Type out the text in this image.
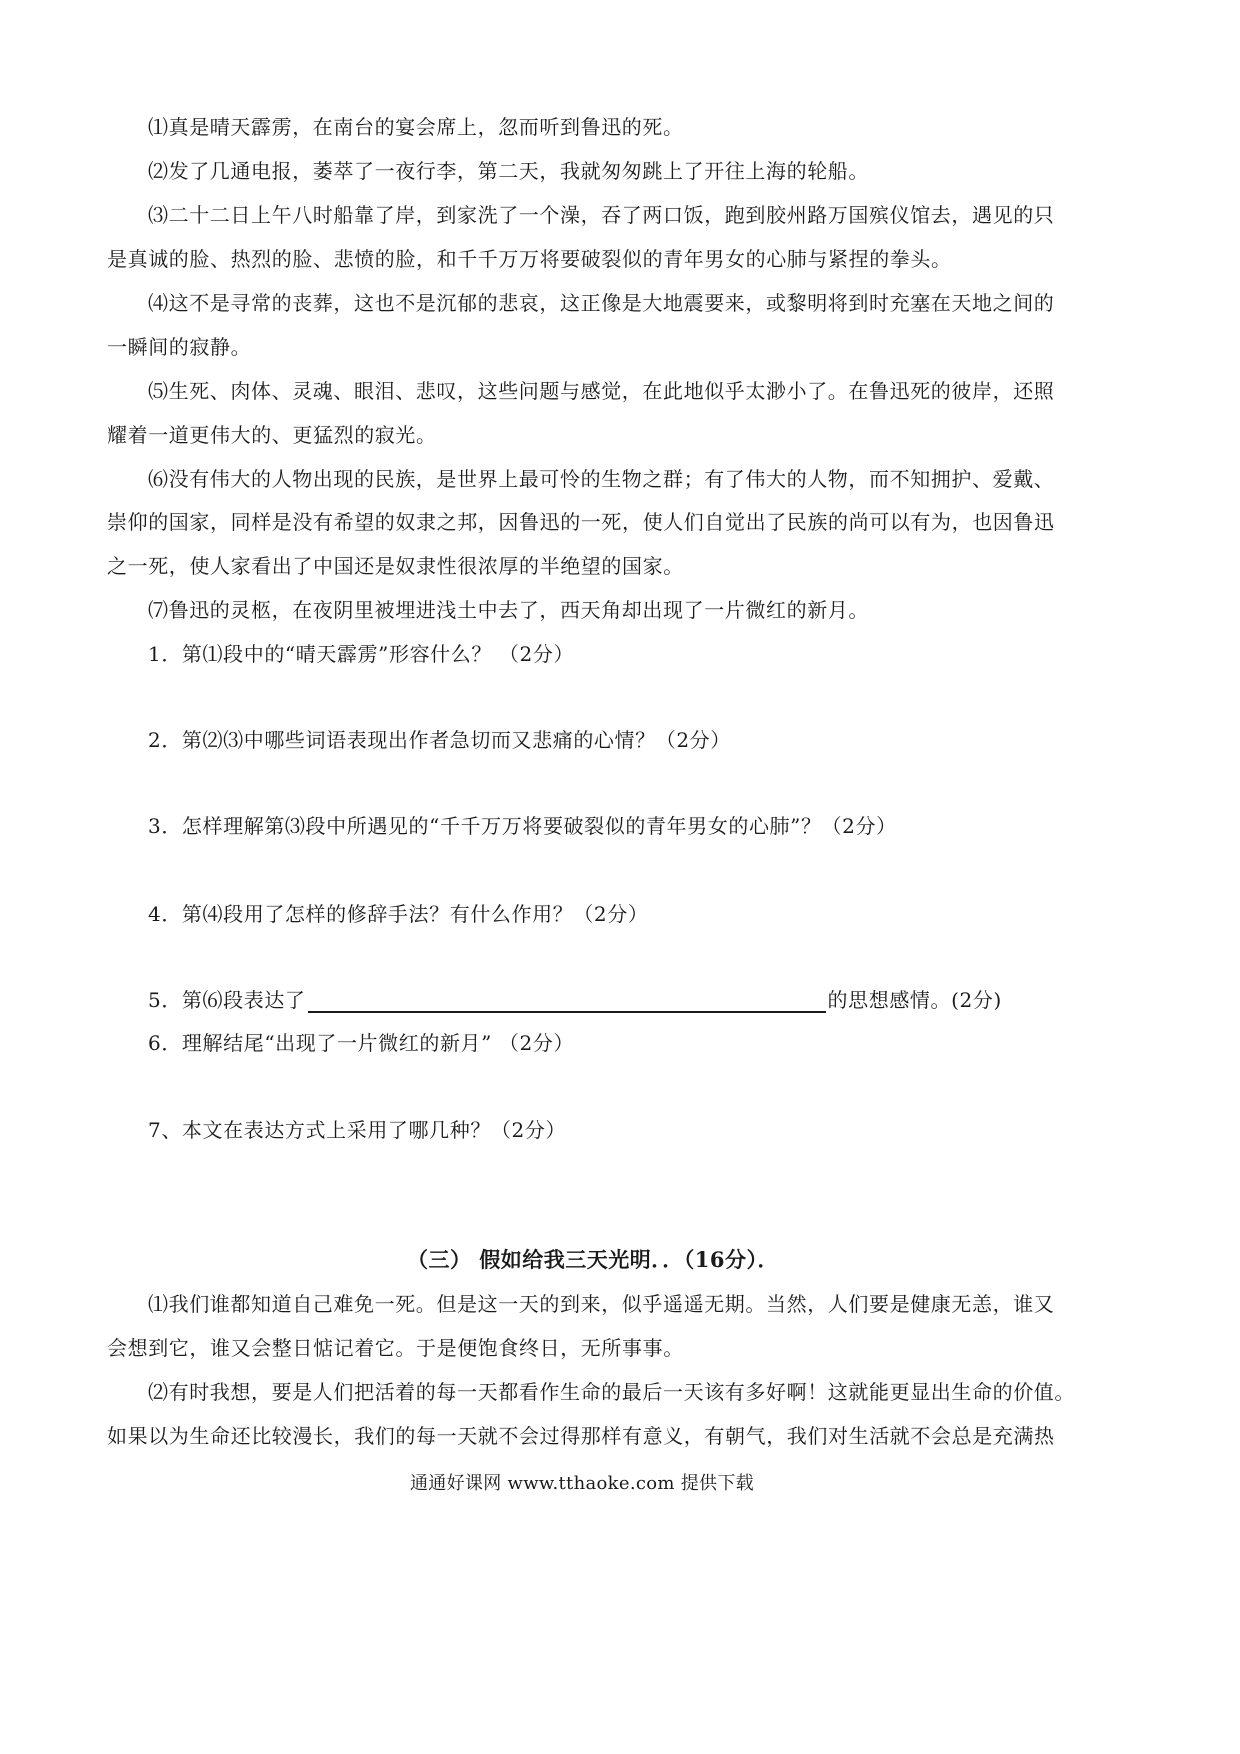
⑴真是晴天霹雳，在南台的宴会席上，忽而听到鲁迅的死。
⑵发了几通电报，萎萃了一夜行李，第二天，我就匆匆跳上了开往上海的轮船。
⑶二十二日上午八时船靠了岸，到家洗了一个澡，吞了两口饭，跑到胶州路万国殡仪馆去，遇见的只
是真诚的脸、热烈的脸、悲愤的脸，和千千万万将要破裂似的青年男女的心肺与紧捏的拳头。
⑷这不是寻常的丧葬，这也不是沉郁的悲哀，这正像是大地震要来，或黎明将到时充塞在天地之间的
一瞬间的寂静。
⑸生死、肉体、灵魂、眼泪、悲叹，这些问题与感觉，在此地似乎太渺小了。在鲁迅死的彼岸，还照
耀着一道更伟大的、更猛烈的寂光。
⑹没有伟大的人物出现的民族，是世界上最可怜的生物之群；有了伟大的人物，而不知拥护、爱戴、
崇仰的国家，同样是没有希望的奴隶之邦，因鲁迅的一死，使人们自觉出了民族的尚可以有为，也因鲁迅
之一死，使人家看出了中国还是奴隶性很浓厚的半绝望的国家。
⑺鲁迅的灵柩，在夜阴里被埋进浅土中去了，西天角却出现了一片微红的新月。
1．第⑴段中的“晴天霹雳”形容什么？ （2分）
2．第⑵⑶中哪些词语表现出作者急切而又悲痛的心情？（2分）
3．怎样理解第⑶段中所遇见的“千千万万将要破裂似的青年男女的心肺”？（2分）
4．第⑷段用了怎样的修辞手法？有什么作用？（2分）
5．第⑹段表达了	的思想感情。(2分)
6．理解结尾“出现了一片微红的新月” （2分）
7、本文在表达方式上采用了哪几种？（2分）
（三） 假如给我三天光明．．（16分）．
⑴我们谁都知道自己难免一死。但是这一天的到来，似乎遥遥无期。当然，人们要是健康无恙，谁又
会想到它，谁又会整日惦记着它。于是便饱食终日，无所事事。
⑵有时我想，要是人们把活着的每一天都看作生命的最后一天该有多好啊！这就能更显出生命的价值。
如果以为生命还比较漫长，我们的每一天就不会过得那样有意义，有朝气，我们对生活就不会总是充满热
通通好课网 www.tthaoke.com 提供下载
